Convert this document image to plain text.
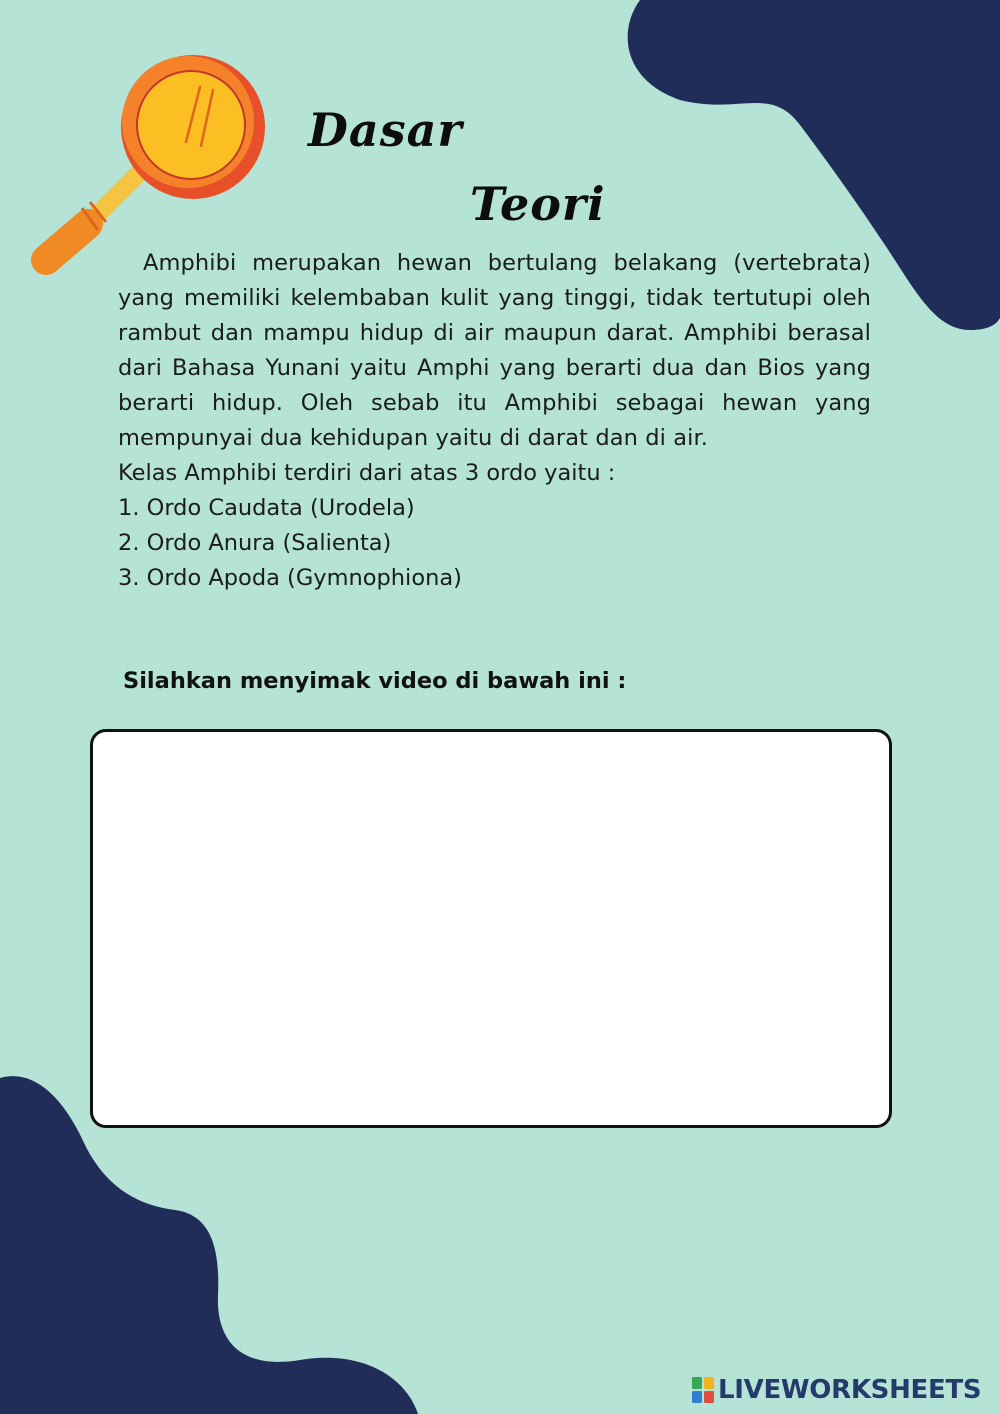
Dasar
Teori

Amphibi merupakan hewan bertulang belakang (vertebrata) yang memiliki kelembaban kulit yang tinggi, tidak tertutupi oleh rambut dan mampu hidup di air maupun darat. Amphibi berasal dari Bahasa Yunani yaitu Amphi yang berarti dua dan Bios yang berarti hidup. Oleh sebab itu Amphibi sebagai hewan yang mempunyai dua kehidupan yaitu di darat dan di air.

Kelas Amphibi terdiri dari atas 3 ordo yaitu :

1. Ordo Caudata (Urodela)
2. Ordo Anura (Salienta)
3. Ordo Apoda (Gymnophiona)

Silahkan menyimak video di bawah ini :

LIVEWORKSHEETS
